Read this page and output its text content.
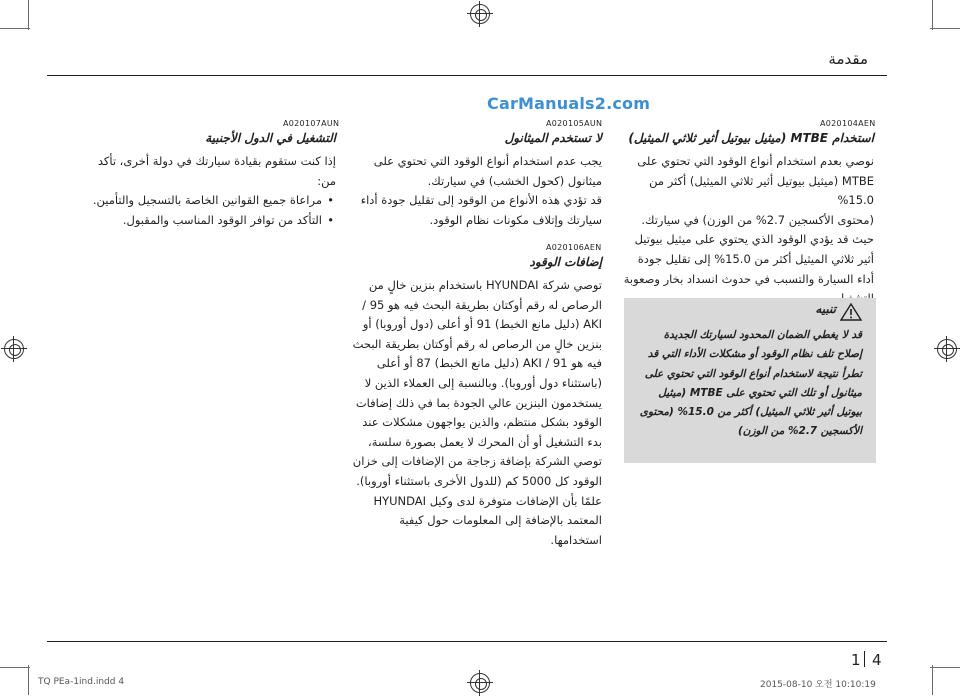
مقدمة
CarManuals2.com
A020104AEN
استخدام MTBE (ميثيل بيوتيل أثير ثلاثي الميثيل)

نوصي بعدم استخدام أنواع الوقود التي تحتوي على MTBE (ميثيل بيوتيل أثير ثلاثي الميثيل) أكثر من 15.0%

(محتوى الأكسجين 2.7% من الوزن) في سيارتك.

حيث قد يؤدي الوقود الذي يحتوي على ميثيل بيوتيل أثير ثلاثي الميثيل أكثر من 15.0% إلى تقليل جودة أداء السيارة والتسبب في حدوث انسداد بخار وصعوبة

تنبيه
قد لا يغطي الضمان المحدود لسيارتك الجديدة إصلاح تلف نظام الوقود أو مشكلات الأداء التي قد تطرأ نتيجة لاستخدام أنواع الوقود التي تحتوي على ميثانول أو تلك التي تحتوي على MTBE (ميثيل بيوتيل أثير ثلاثي الميثيل) أكثر من 15.0% (محتوى الأكسجين 2.7% من الوزن)
A020105AUN
لا تستخدم الميثانول

يجب عدم استخدام أنواع الوقود التي تحتوي على ميثانول (كحول الخشب) في سيارتك.

قد تؤدي هذه الأنواع من الوقود إلى تقليل جودة أداء سيارتك وإتلاف مكونات نظام الوقود.

A020106AEN
إضافات الوقود

توصي شركة HYUNDAI باستخدام بنزين خالٍ من الرصاص له رقم أوكتان بطريقة البحث فيه هو 95 / AKI (دليل مانع الخبط) 91 أو أعلى (دول أوروبا) أو بنزين خالٍ من الرصاص له رقم أوكتان بطريقة البحث فيه هو 91 / AKI (دليل مانع الخبط) 87 أو أعلى (باستثناء دول أوروبا). وبالنسبة إلى العملاء الذين لا يستخدمون البنزين عالي الجودة بما في ذلك إضافات الوقود بشكل منتظم، والذين يواجهون مشكلات عند بدء التشغيل أو أن المحرك لا يعمل بصورة سلسة، توصي الشركة بإضافة زجاجة من الإضافات إلى خزان الوقود كل 5000 كم (للدول الأخرى باستثناء أوروبا). علمًا بأن الإضافات متوفرة لدى وكيل HYUNDAI المعتمد بالإضافة إلى المعلومات حول كيفية استخدامها.

A020107AUN
التشغيل في الدول الأجنبية

إذا كنت ستقوم بقيادة سيارتك في دولة أخرى، تأكد من:

• مراعاة جميع القوانين الخاصة بالتسجيل والتأمين.
• التأكد من توافر الوقود المناسب والمقبول.
1 4
TQ PEa-1ind.indd 4	2015-08-10 오전 10:10:19
